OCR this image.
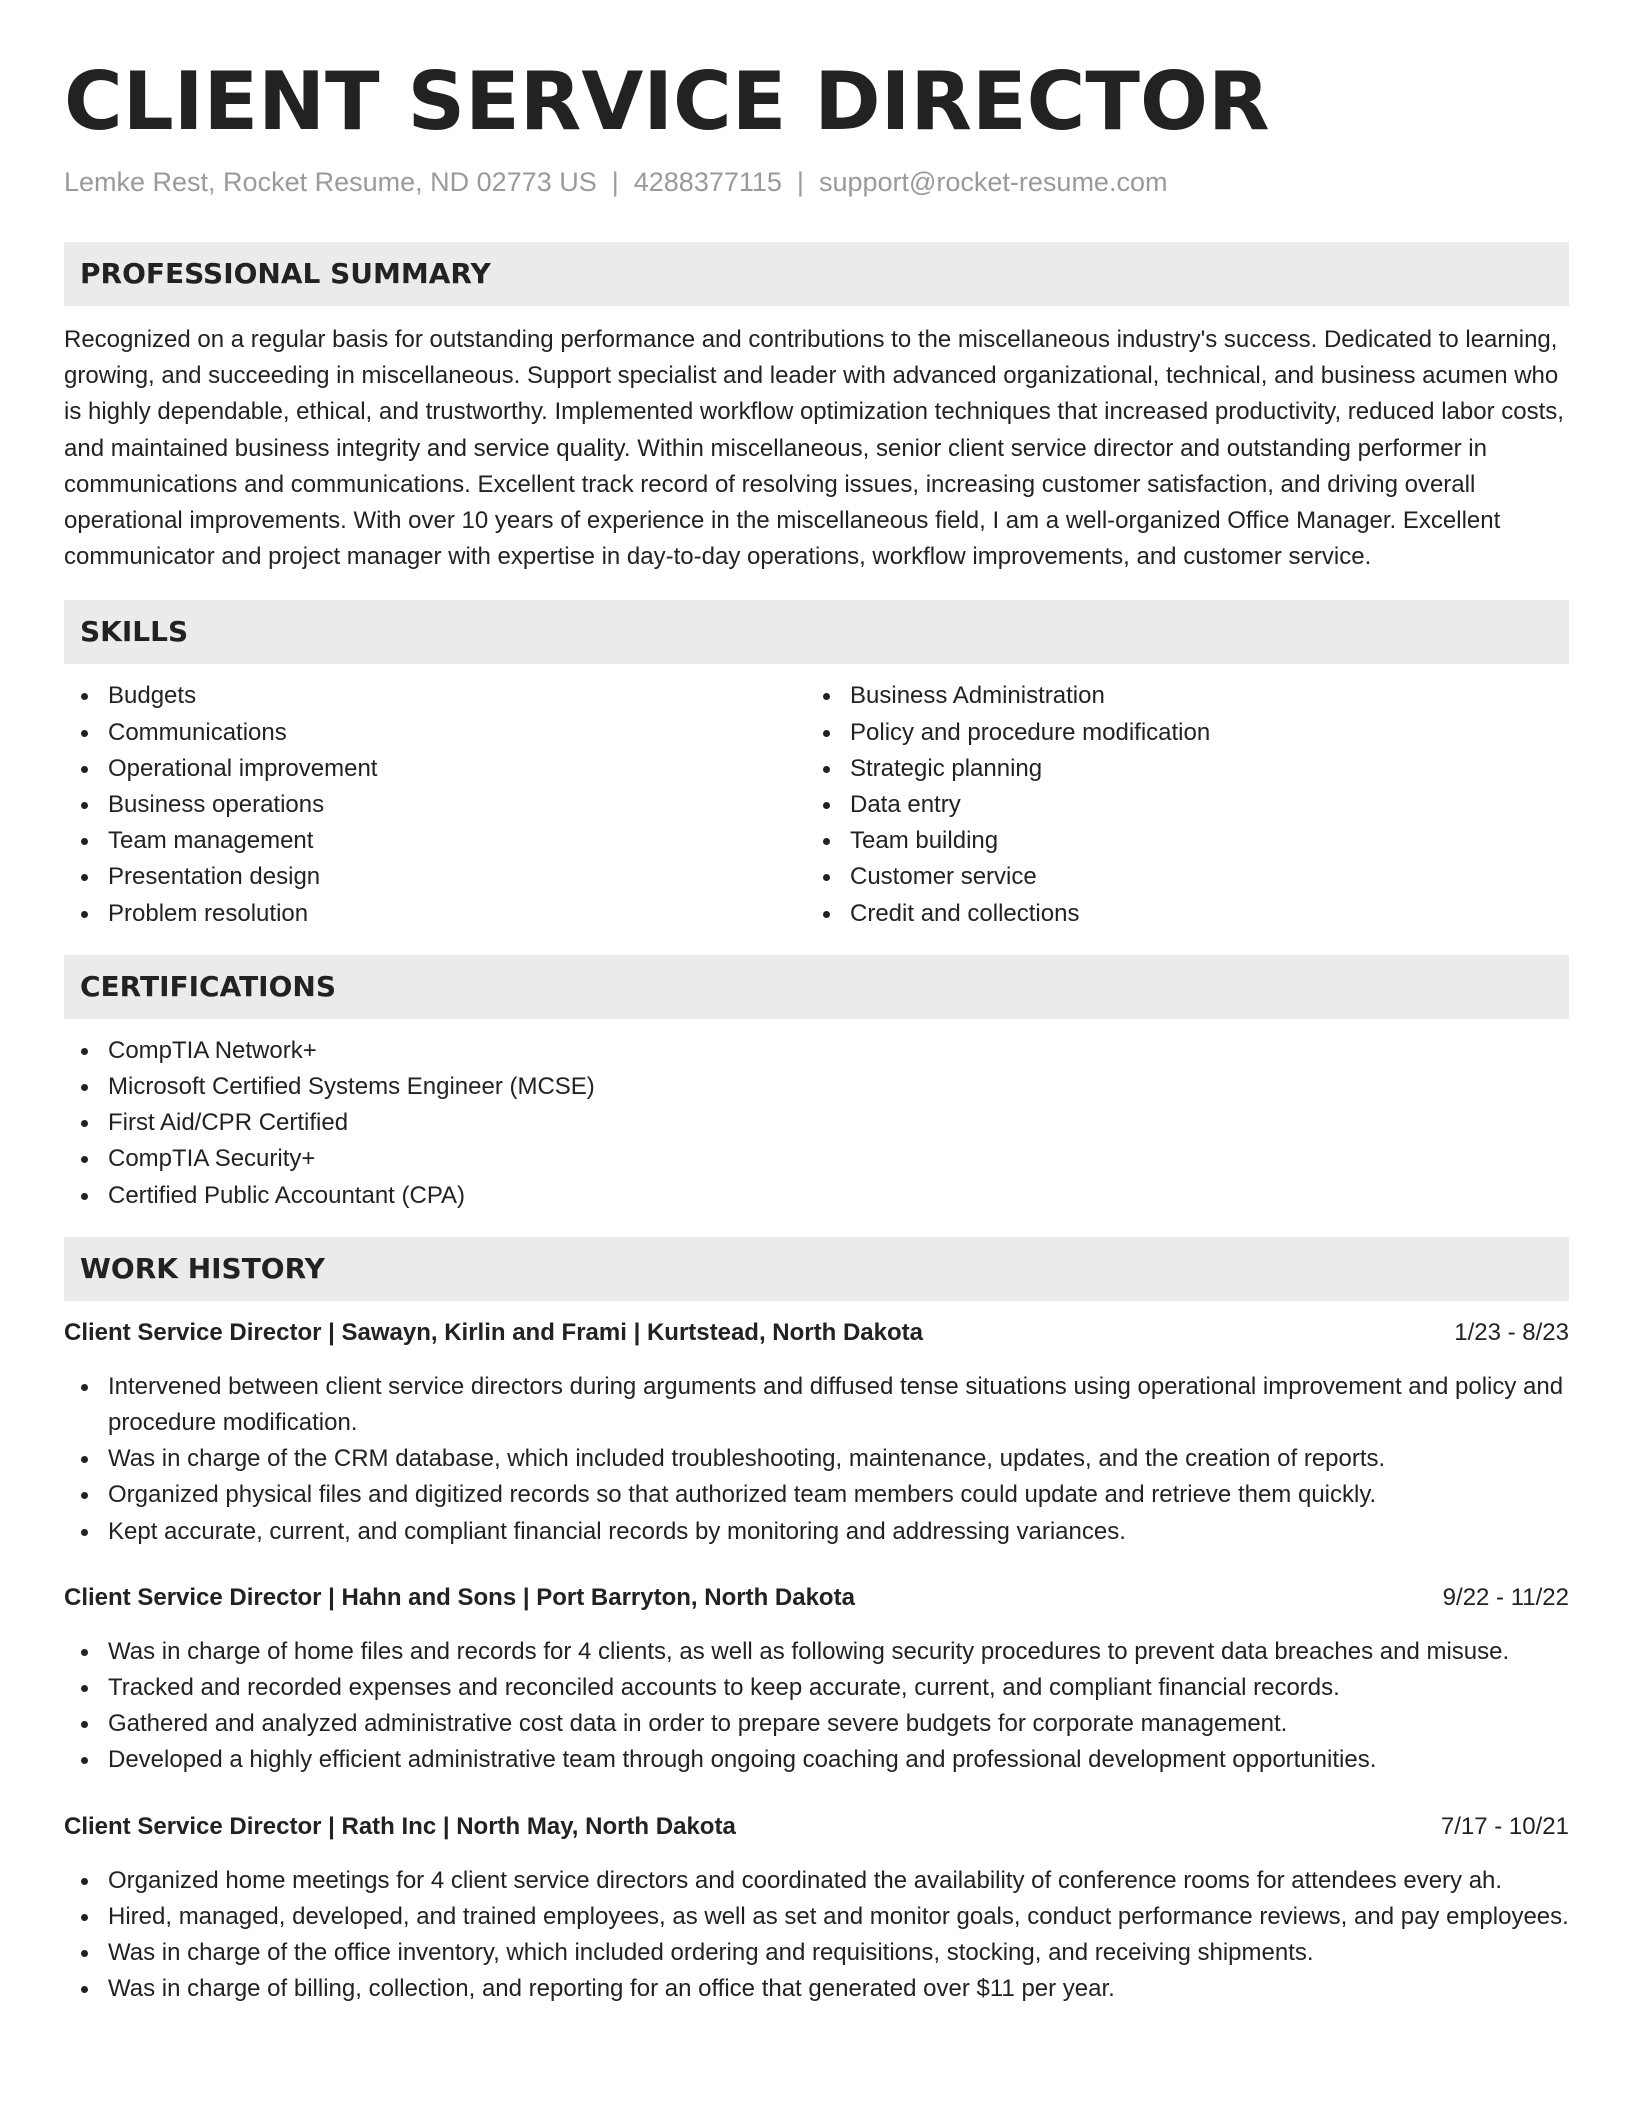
CLIENT SERVICE DIRECTOR
Lemke Rest, Rocket Resume, ND 02773 US | 4288377115 | support@rocket-resume.com
PROFESSIONAL SUMMARY
Recognized on a regular basis for outstanding performance and contributions to the miscellaneous industry's success. Dedicated to learning, growing, and succeeding in miscellaneous. Support specialist and leader with advanced organizational, technical, and business acumen who is highly dependable, ethical, and trustworthy. Implemented workflow optimization techniques that increased productivity, reduced labor costs, and maintained business integrity and service quality. Within miscellaneous, senior client service director and outstanding performer in communications and communications. Excellent track record of resolving issues, increasing customer satisfaction, and driving overall operational improvements. With over 10 years of experience in the miscellaneous field, I am a well-organized Office Manager. Excellent communicator and project manager with expertise in day-to-day operations, workflow improvements, and customer service.
SKILLS
Budgets
Communications
Operational improvement
Business operations
Team management
Presentation design
Problem resolution
Business Administration
Policy and procedure modification
Strategic planning
Data entry
Team building
Customer service
Credit and collections
CERTIFICATIONS
CompTIA Network+
Microsoft Certified Systems Engineer (MCSE)
First Aid/CPR Certified
CompTIA Security+
Certified Public Accountant (CPA)
WORK HISTORY
Client Service Director | Sawayn, Kirlin and Frami | Kurtstead, North Dakota	1/23 - 8/23
Intervened between client service directors during arguments and diffused tense situations using operational improvement and policy and procedure modification.
Was in charge of the CRM database, which included troubleshooting, maintenance, updates, and the creation of reports.
Organized physical files and digitized records so that authorized team members could update and retrieve them quickly.
Kept accurate, current, and compliant financial records by monitoring and addressing variances.
Client Service Director | Hahn and Sons | Port Barryton, North Dakota	9/22 - 11/22
Was in charge of home files and records for 4 clients, as well as following security procedures to prevent data breaches and misuse.
Tracked and recorded expenses and reconciled accounts to keep accurate, current, and compliant financial records.
Gathered and analyzed administrative cost data in order to prepare severe budgets for corporate management.
Developed a highly efficient administrative team through ongoing coaching and professional development opportunities.
Client Service Director | Rath Inc | North May, North Dakota	7/17 - 10/21
Organized home meetings for 4 client service directors and coordinated the availability of conference rooms for attendees every ah.
Hired, managed, developed, and trained employees, as well as set and monitor goals, conduct performance reviews, and pay employees.
Was in charge of the office inventory, which included ordering and requisitions, stocking, and receiving shipments.
Was in charge of billing, collection, and reporting for an office that generated over $11 per year.
